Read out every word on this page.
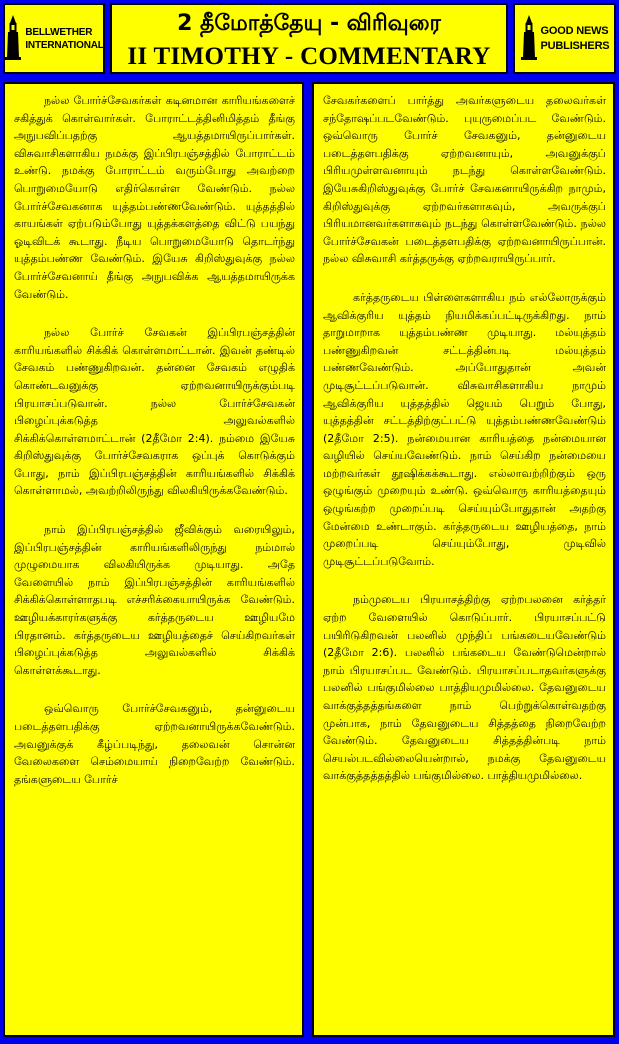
BELLWETHER
INTERNATIONAL
2 தீமோத்தேயு - விரிவுரை
II TIMOTHY - COMMENTARY
GOOD NEWS
PUBLISHERS

நல்ல போர்ச்சேவகர்கள் கடினமான காரியங்களைச் சகித்துக் கொள்வார்கள். போராட்டத்தினிமித்தம் தீங்கு அநுபவிப்பதற்கு ஆயத்தமாயிருப்பார்கள். விசுவாசிகளாகிய நமக்கு இப்பிரபஞ்சத்தில் போராட்டம் உண்டு. நமக்கு போராட்டம் வரும்போது அவற்றை பொறுமையோடு எதிர்கொள்ள வேண்டும். நல்ல போர்ச்சேவகனாக யுத்தம்பண்ணவேண்டும். யுத்தத்தில் காயங்கள் ஏற்படும்போது யுத்தக்களத்தை விட்டு பயந்து ஓடிவிடக் கூடாது. நீடிய பொறுமையோடு தொடர்ந்து யுத்தம்பண்ண வேண்டும். இயேசு கிறிஸ்துவுக்கு நல்ல போர்ச்சேவனாய் தீங்கு அநுபவிக்க ஆயத்தமாயிருக்க வேண்டும்.

நல்ல போர்ச் சேவகன் இப்பிரபஞ்சத்தின் காரியங்களில் சிக்கிக் கொள்ளமாட்டான். இவன் தண்டில் சேவகம் பண்ணுகிறவன். தன்னை சேவகம் எழுதிக் கொண்டவனுக்கு ஏற்றவனாயிருக்கும்படி பிரயாசப்படுவான். நல்ல போர்ச்சேவகன் பிழைப்புக்கடுத்த அலுவல்களில் சிக்கிக்கொள்ளமாட்டான் (2தீமோ 2:4). நம்மை இயேசு கிறிஸ்துவுக்கு போர்ச்சேவகராக ஒப்புக் கொடுக்கும் போது, நாம் இப்பிரபஞ்சத்தின் காரியங்களில் சிக்கிக் கொள்ளாமல், அவற்றிலிருந்து விலகியிருக்கவேண்டும்.

நாம் இப்பிரபஞ்சத்தில் ஜீவிக்கும் வரையிலும், இப்பிரபஞ்சத்தின் காரியங்களிலிருந்து நம்மால் முழுமையாக விலகியிருக்க முடியாது. அதே வேளையில் நாம் இப்பிரபஞ்சத்தின் காரியங்களில் சிக்கிக்கொள்ளாதபடி எச்சரிக்கையாயிருக்க வேண்டும். ஊழியக்காரர்களுக்கு கர்த்தருடைய ஊழியமே பிரதானம். கர்த்தருடைய ஊழியத்தைச் செய்கிறவர்கள் பிழைப்புக்கடுத்த அலுவல்களில் சிக்கிக் கொள்ளக்கூடாது.

ஒவ்வொரு போர்ச்சேவகனும், தன்னுடைய படைத்தளபதிக்கு ஏற்றவனாயிருக்கவேண்டும். அவனுக்குக் கீழ்ப்படிந்து, தலைவன் சொன்ன வேலைகளை செம்மையாய் நிறைவேற்ற வேண்டும். தங்களுடைய போர்ச்

சேவகர்களைப் பார்த்து அவர்களுடைய தலைவர்கள் சந்தோஷப்படவேண்டும். புயுருமைப்பட வேண்டும். ஒவ்வொரு போர்ச் சேவகனும், தன்னுடைய படைத்தளபதிக்கு ஏற்றவனாயும், அவனுக்குப் பிரியமுள்ளவனாயும் நடந்து கொள்ளவேண்டும். இயேசுகிறிஸ்துவுக்கு போர்ச் சேவகனாயிருக்கிற நாமும், கிறிஸ்துவுக்கு ஏற்றவர்களாகவும், அவருக்குப் பிரியமானவர்களாகவும் நடந்து கொள்ளவேண்டும். நல்ல போர்ச்சேவகன் படைத்தளபதிக்கு ஏற்றவனாயிருப்பான். நல்ல விசுவாசி கர்த்தருக்கு ஏற்றவராயிருப்பார்.

கர்த்தருடைய பிள்ளைகளாகிய நம் எல்லோருக்கும் ஆவிக்குரிய யுத்தம் நியமிக்கப்பட்டிருக்கிறது. நாம் தாறுமாறாக யுத்தம்பண்ண முடியாது. மல்யுத்தம் பண்ணுகிறவன் சட்டத்தின்படி மல்யுத்தம் பண்ணவேண்டும். அப்போதுதான் அவன் முடிசூட்டப்படுவான். விசுவாசிகளாகிய நாமும் ஆவிக்குரிய யுத்தத்தில் ஜெயம் பெறும் போது, யுத்தத்தின் சட்டத்திற்குட்பட்டு யுத்தம்பண்ணவேண்டும் (2தீமோ 2:5). நன்மையான காரியத்தை நன்மையான வழியில் செய்யவேண்டும். நாம் செய்கிற நன்மையை மற்றவர்கள் தூஷிக்கக்கூடாது. எல்லாவற்றிற்கும் ஒரு ஒழுங்கும் முறையும் உண்டு. ஒவ்வொரு காரியத்தையும் ஒழுங்கற்ற முறைப்படி செய்யும்போதுதான் அதற்கு மேன்மை உண்டாகும். கர்த்தருடைய ஊழியத்தை, நாம் முறைப்படி செய்யும்போது, முடிவில் முடிசூட்டப்படுவோம்.

நம்முடைய பிரயாசத்திற்கு ஏற்றபலனை கர்த்தர் ஏற்ற வேளையில் கொடுப்பார். பிரயாசப்பட்டு பயிரிடுகிறவன் பலனில் முந்திப் பங்கடையவேண்டும் (2தீமோ 2:6). பலனில் பங்கடைய வேண்டுமென்றால் நாம் பிரயாசப்பட வேண்டும். பிரயாசப்படாதவர்களுக்கு பலனில் பங்குமில்லை பாத்தியமுமில்லை. தேவனுடைய வாக்குத்தத்தங்களை நாம் பெற்றுக்கொள்வதற்கு முன்பாக, நாம் தேவனுடைய சித்தத்தை நிறைவேற்ற வேண்டும். தேவனுடைய சித்தத்தின்படி நாம் செயல்படவில்லையென்றால், நமக்கு தேவனுடைய வாக்குத்தத்தத்தில் பங்குமில்லை. பாத்தியமுமில்லை.
